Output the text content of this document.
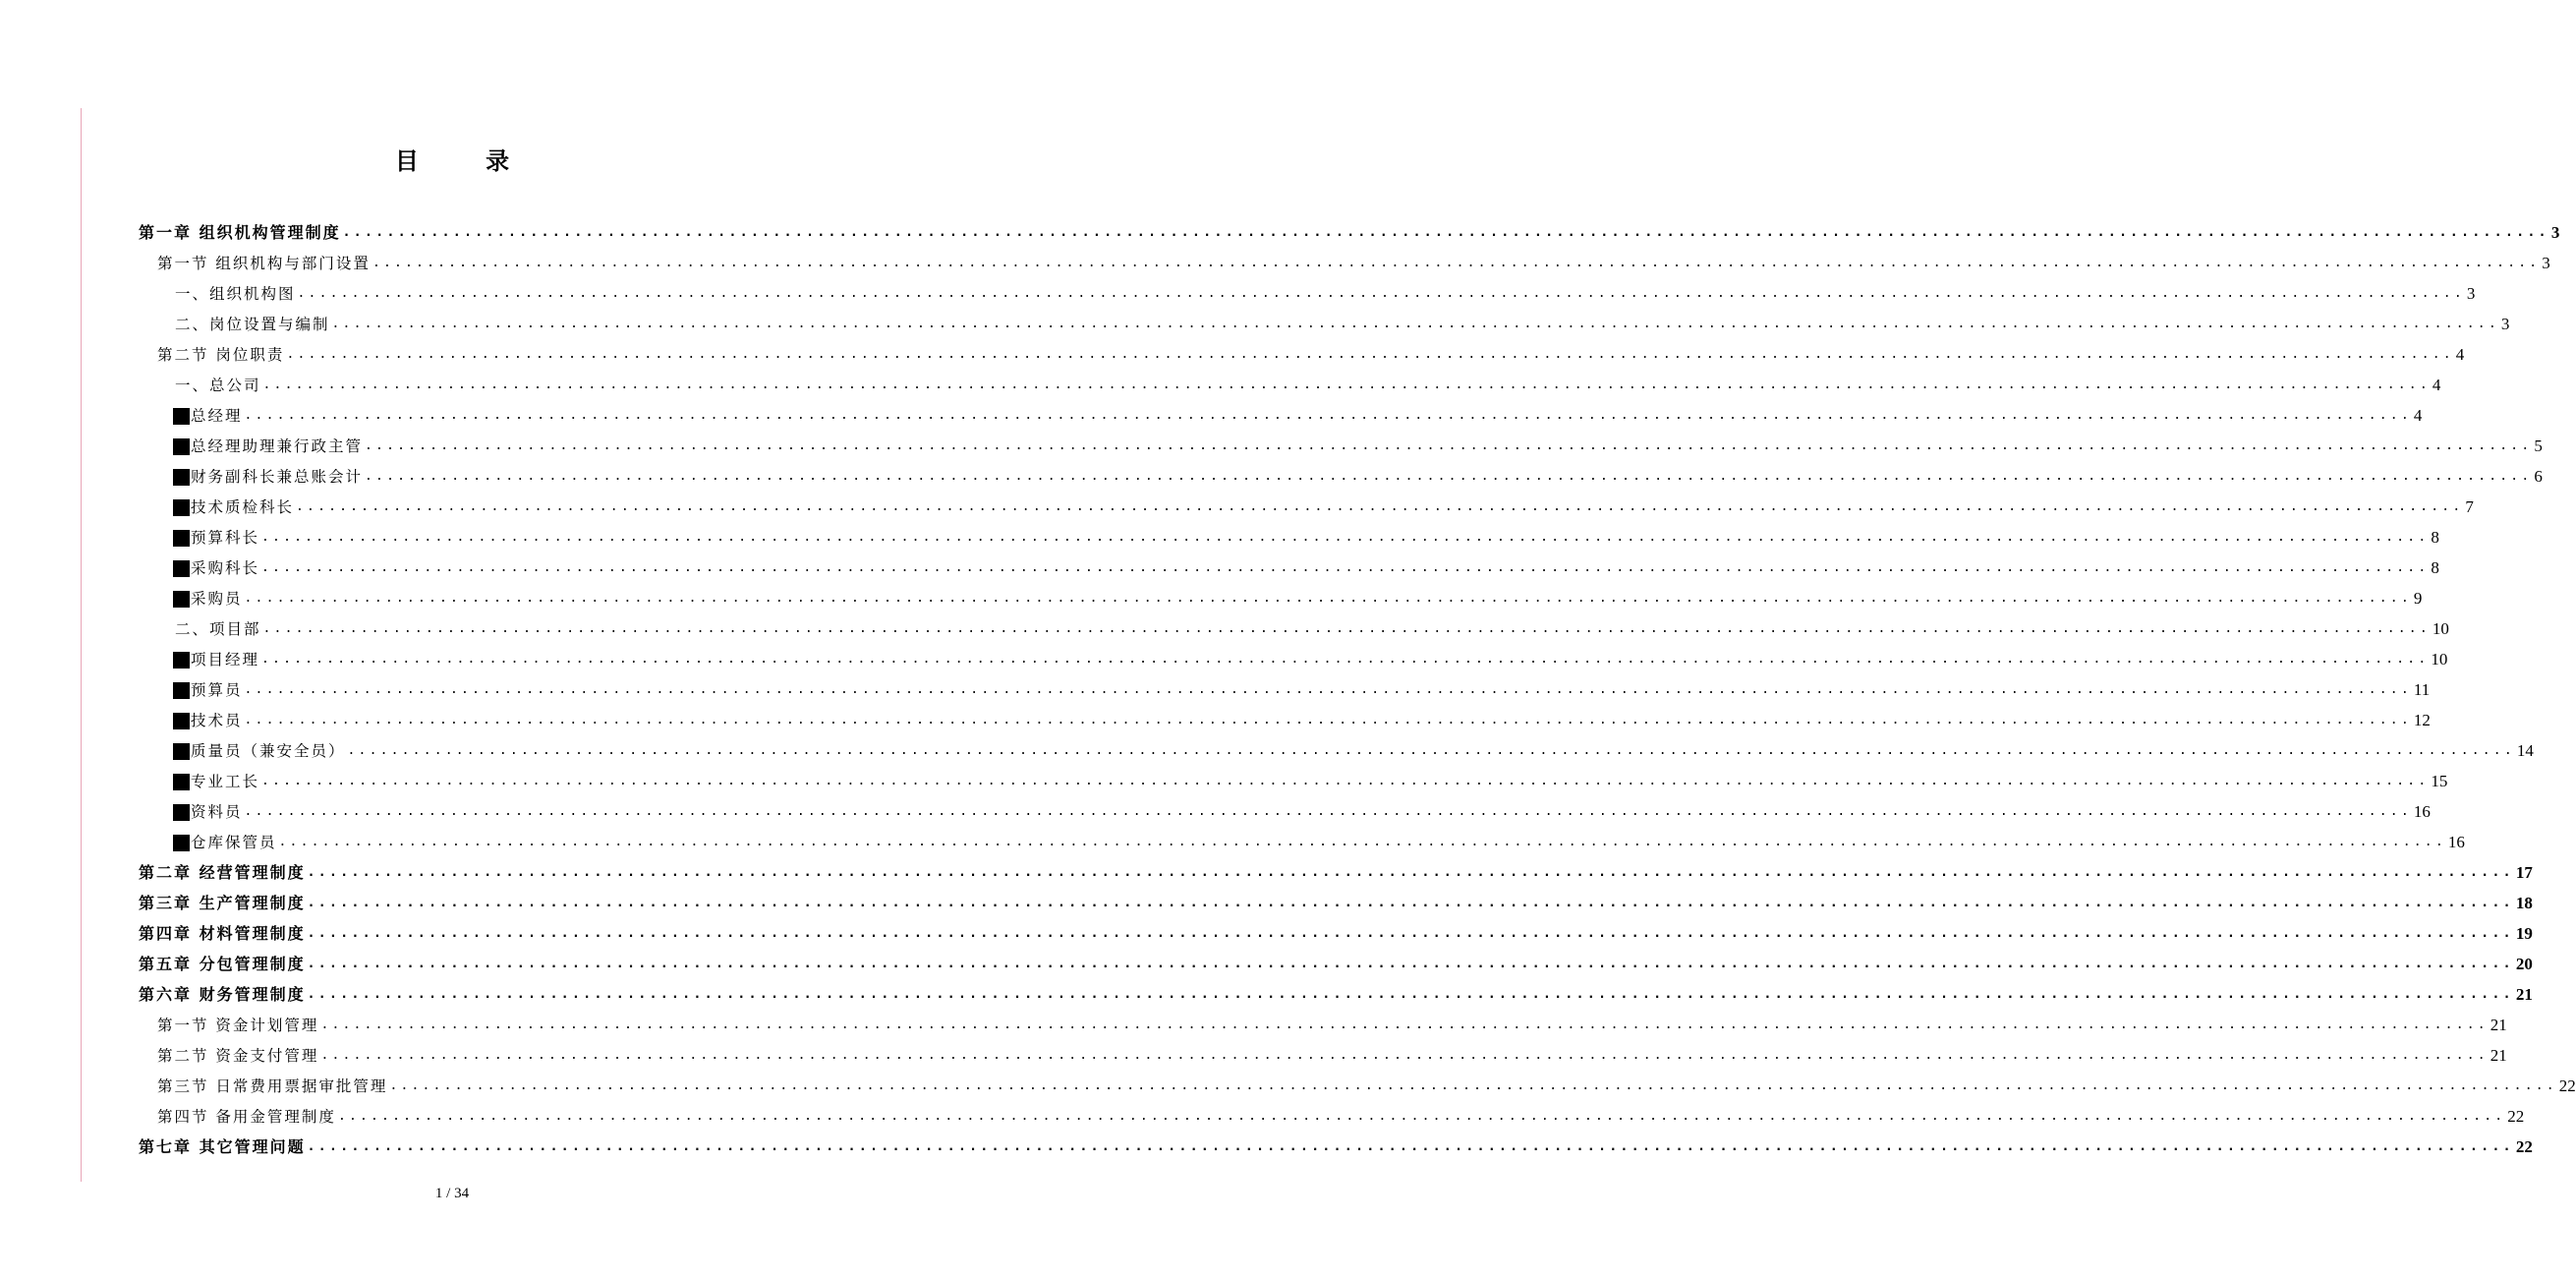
目 录
第一章 组织机构管理制度 ........................................................................................................................................................................................................ 3
第一节 组织机构与部门设置 ........................................................................................................................................................................................................ 3
一、组织机构图 ........................................................................................................................................................................................................ 3
二、岗位设置与编制 ........................................................................................................................................................................................................ 3
第二节 岗位职责 ........................................................................................................................................................................................................ 4
一、总公司 ........................................................................................................................................................................................................ 4
总经理 ........................................................................................................................................................................................................ 4
总经理助理兼行政主管 ........................................................................................................................................................................................................ 5
财务副科长兼总账会计 ........................................................................................................................................................................................................ 6
技术质检科长 ........................................................................................................................................................................................................ 7
预算科长 ........................................................................................................................................................................................................ 8
采购科长 ........................................................................................................................................................................................................ 8
采购员 ........................................................................................................................................................................................................ 9
二、项目部 ........................................................................................................................................................................................................ 10
项目经理 ........................................................................................................................................................................................................ 10
预算员 ........................................................................................................................................................................................................ 11
技术员 ........................................................................................................................................................................................................ 12
质量员（兼安全员） ........................................................................................................................................................................................................ 14
专业工长 ........................................................................................................................................................................................................ 15
资料员 ........................................................................................................................................................................................................ 16
仓库保管员 ........................................................................................................................................................................................................ 16
第二章 经营管理制度 ........................................................................................................................................................................................................ 17
第三章 生产管理制度 ........................................................................................................................................................................................................ 18
第四章 材料管理制度 ........................................................................................................................................................................................................ 19
第五章 分包管理制度 ........................................................................................................................................................................................................ 20
第六章 财务管理制度 ........................................................................................................................................................................................................ 21
第一节 资金计划管理 ........................................................................................................................................................................................................ 21
第二节 资金支付管理 ........................................................................................................................................................................................................ 21
第三节 日常费用票据审批管理 ........................................................................................................................................................................................................ 22
第四节 备用金管理制度 ........................................................................................................................................................................................................ 22
第七章 其它管理问题 ........................................................................................................................................................................................................ 22
1 / 34
